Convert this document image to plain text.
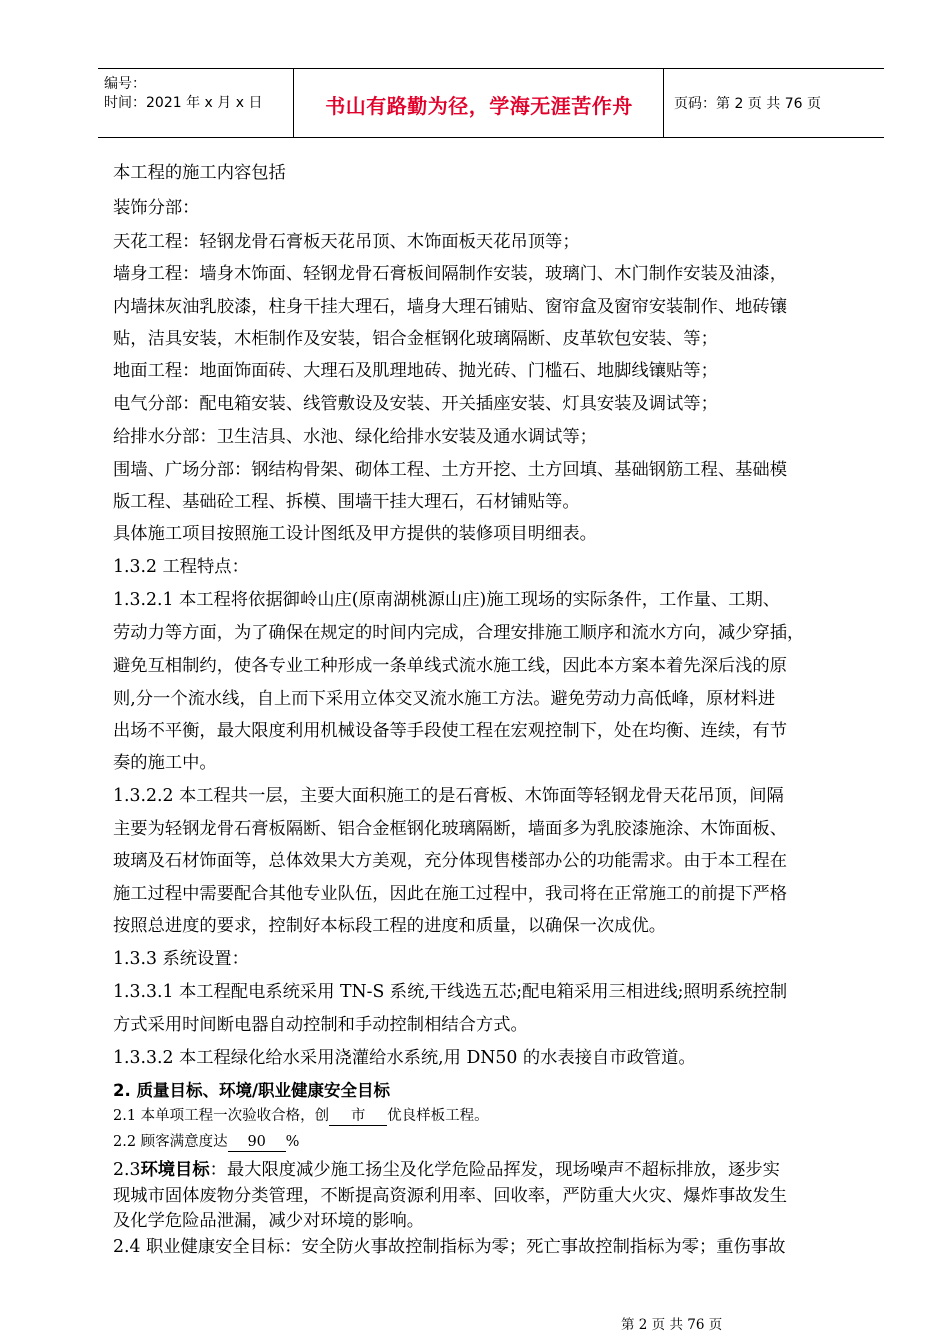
编号：
时间：2021 年 x 月 x 日	书山有路勤为径，学海无涯苦作舟	页码：第 2 页 共 76 页
本工程的施工内容包括
装饰分部：
天花工程：轻钢龙骨石膏板天花吊顶、木饰面板天花吊顶等；
墙身工程：墙身木饰面、轻钢龙骨石膏板间隔制作安装，玻璃门、木门制作安装及油漆，
内墙抹灰油乳胶漆，柱身干挂大理石，墙身大理石铺贴、窗帘盒及窗帘安装制作、地砖镶
贴，洁具安装，木柜制作及安装，铝合金框钢化玻璃隔断、皮革软包安装、等；
地面工程：地面饰面砖、大理石及肌理地砖、抛光砖、门槛石、地脚线镶贴等；
电气分部：配电箱安装、线管敷设及安装、开关插座安装、灯具安装及调试等；
给排水分部：卫生洁具、水池、绿化给排水安装及通水调试等；
围墙、广场分部：钢结构骨架、砌体工程、土方开挖、土方回填、基础钢筋工程、基础模
版工程、基础砼工程、拆模、围墙干挂大理石，石材铺贴等。
具体施工项目按照施工设计图纸及甲方提供的装修项目明细表。
1.3.2 工程特点：
1.3.2.1 本工程将依据御岭山庄(原南湖桃源山庄)施工现场的实际条件，工作量、工期、
劳动力等方面，为了确保在规定的时间内完成，合理安排施工顺序和流水方向，减少穿插，
避免互相制约，使各专业工种形成一条单线式流水施工线，因此本方案本着先深后浅的原
则,分一个流水线，自上而下采用立体交叉流水施工方法。避免劳动力高低峰，原材料进
出场不平衡，最大限度利用机械设备等手段使工程在宏观控制下，处在均衡、连续，有节
奏的施工中。
1.3.2.2 本工程共一层，主要大面积施工的是石膏板、木饰面等轻钢龙骨天花吊顶，间隔
主要为轻钢龙骨石膏板隔断、铝合金框钢化玻璃隔断，墙面多为乳胶漆施涂、木饰面板、
玻璃及石材饰面等，总体效果大方美观，充分体现售楼部办公的功能需求。由于本工程在
施工过程中需要配合其他专业队伍，因此在施工过程中，我司将在正常施工的前提下严格
按照总进度的要求，控制好本标段工程的进度和质量，以确保一次成优。
1.3.3 系统设置：
1.3.3.1 本工程配电系统采用 TN-S 系统,干线选五芯;配电箱采用三相进线;照明系统控制
方式采用时间断电器自动控制和手动控制相结合方式。
1.3.3.2 本工程绿化给水采用浇灌给水系统,用 DN50 的水表接自市政管道。
2. 质量目标、环境/职业健康安全目标
2.1 本单项工程一次验收合格，创 市 优良样板工程。
2.2 顾客满意度达 90 %
2.3环境目标：最大限度减少施工扬尘及化学危险品挥发，现场噪声不超标排放，逐步实
现城市固体废物分类管理，不断提高资源利用率、回收率，严防重大火灾、爆炸事故发生
及化学危险品泄漏，减少对环境的影响。
2.4 职业健康安全目标：安全防火事故控制指标为零；死亡事故控制指标为零；重伤事故
第 2 页 共 76 页
